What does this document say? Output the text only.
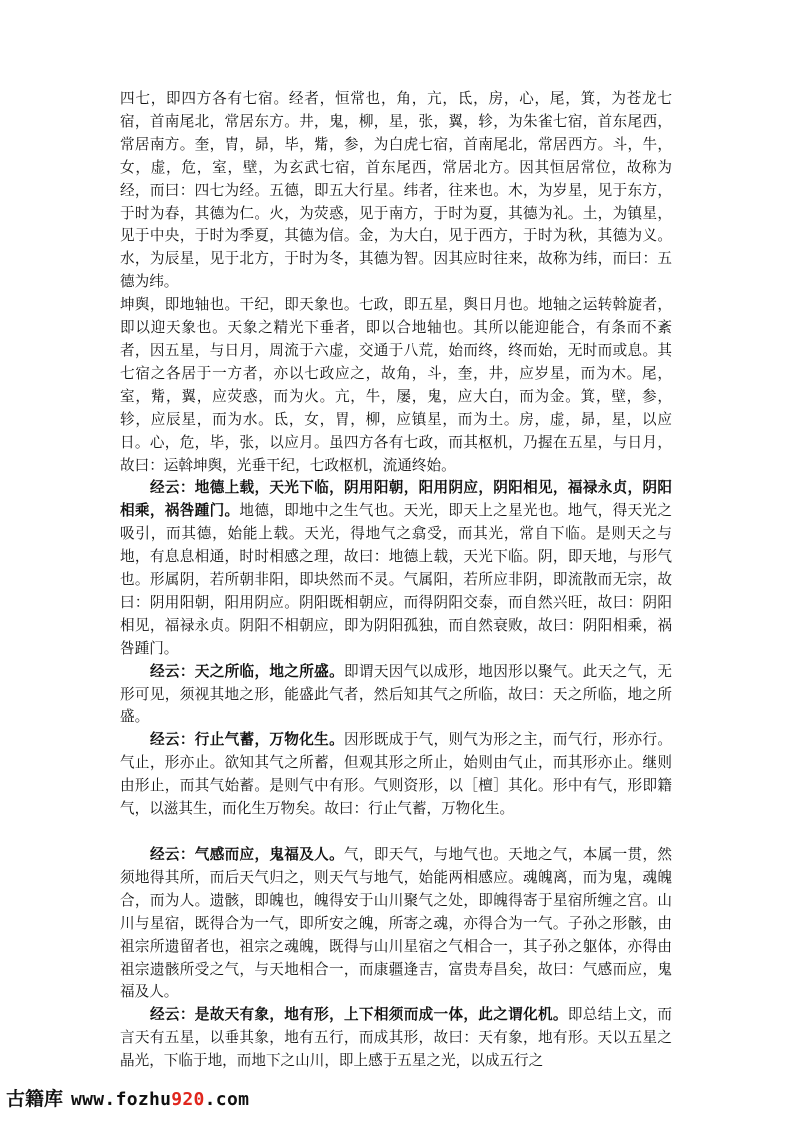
四七，即四方各有七宿。经者，恒常也，角，亢，氐，房，心，尾，箕，为苍龙七宿，首南尾北，常居东方。井，鬼，柳，星，张，翼，轸，为朱雀七宿，首东尾西，常居南方。奎，胄，昴，毕，觜，参，为白虎七宿，首南尾北，常居西方。斗，牛，女，虚，危，室，壁，为玄武七宿，首东尾西，常居北方。因其恒居常位，故称为经，而曰：四七为经。五德，即五大行星。纬者，往来也。木，为岁星，见于东方，于时为春，其德为仁。火，为荧惑，见于南方，于时为夏，其德为礼。土，为镇星，见于中央，于时为季夏，其德为信。金，为大白，见于西方，于时为秋，其德为义。水，为辰星，见于北方，于时为冬，其德为智。因其应时往来，故称为纬，而曰：五德为纬。

坤舆，即地轴也。干纪，即天象也。七政，即五星，舆日月也。地轴之运转斡旋者，即以迎天象也。天象之精光下垂者，即以合地轴也。其所以能迎能合，有条而不紊者，因五星，与日月，周流于六虚，交通于八荒，始而终，终而始，无时而或息。其七宿之各居于一方者，亦以七政应之，故角，斗，奎，井，应岁星，而为木。尾，室，觜，翼，应荧惑，而为火。亢，牛，屡，鬼，应大白，而为金。箕，壁，参，轸，应辰星，而为水。氐，女，胃，柳，应镇星，而为土。房，虚，昴，星，以应日。心，危，毕，张，以应月。虽四方各有七政，而其枢机，乃握在五星，与日月，故曰：运斡坤舆，光垂干纪，七政枢机，流通终始。

经云：地德上载，天光下临，阴用阳朝，阳用阴应，阴阳相见，福禄永贞，阴阳相乘，祸咎踵门。地德，即地中之生气也。天光，即天上之星光也。地气，得天光之吸引，而其德，始能上载。天光，得地气之翕受，而其光，常自下临。是则天之与地，有息息相通，时时相感之理，故曰：地德上载，天光下临。阴，即天地，与形气也。形属阴，若所朝非阳，即块然而不灵。气属阳，若所应非阴，即流散而无宗，故曰：阴用阳朝，阳用阴应。阴阳既相朝应，而得阴阳交泰，而自然兴旺，故曰：阴阳相见，福禄永贞。阴阳不相朝应，即为阴阳孤独，而自然衰败，故曰：阴阳相乘，祸咎踵门。

经云：天之所临，地之所盛。即谓天因气以成形，地因形以聚气。此天之气，无形可见，须视其地之形，能盛此气者，然后知其气之所临，故曰：天之所临，地之所盛。

经云：行止气蓄，万物化生。因形既成于气，则气为形之主，而气行，形亦行。气止，形亦止。欲知其气之所蓄，但观其形之所止，始则由气止，而其形亦止。继则由形止，而其气始蓄。是则气中有形。气则资形，以［檀］其化。形中有气，形即籍气，以滋其生，而化生万物矣。故曰：行止气蓄，万物化生。

经云：气感而应，鬼福及人。气，即天气，与地气也。天地之气，本属一贯，然须地得其所，而后天气归之，则天气与地气，始能两相感应。魂魄离，而为鬼，魂魄合，而为人。遗骸，即魄也，魄得安于山川聚气之处，即魄得寄于星宿所缠之宫。山川与星宿，既得合为一气，即所安之魄，所寄之魂，亦得合为一气。子孙之形骸，由祖宗所遗留者也，祖宗之魂魄，既得与山川星宿之气相合一，其子孙之躯体，亦得由祖宗遗骸所受之气，与天地相合一，而康疆逢吉，富贵寿昌矣，故曰：气感而应，鬼福及人。

经云：是故天有象，地有形，上下相须而成一体，此之谓化机。即总结上文，而言天有五星，以垂其象，地有五行，而成其形，故曰：天有象，地有形。天以五星之晶光，下临于地，而地下之山川，即上感于五星之光，以成五行之

古籍库 www.fozhu920.com
